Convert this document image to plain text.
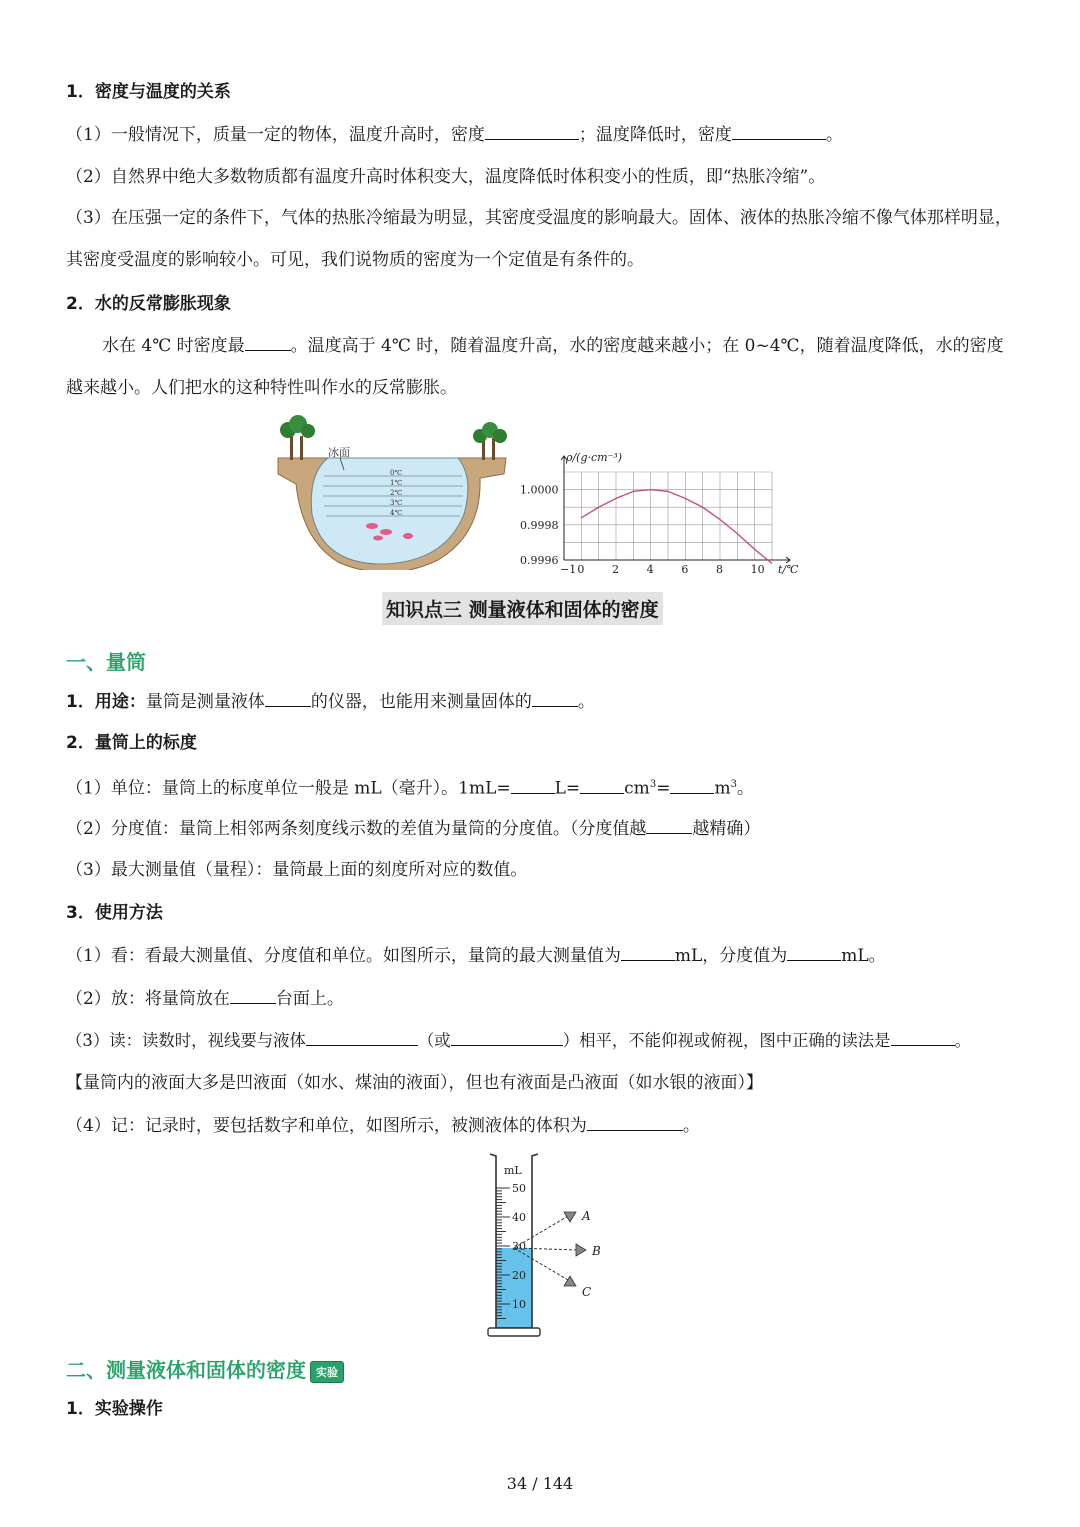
1．密度与温度的关系
（1）一般情况下，质量一定的物体，温度升高时，密度	；温度降低时，密度	。
（2）自然界中绝大多数物质都有温度升高时体积变大，温度降低时体积变小的性质，即“热胀冷缩”。
（3）在压强一定的条件下，气体的热胀冷缩最为明显，其密度受温度的影响最大。固体、液体的热胀冷缩不像气体那样明显，其密度受温度的影响较小。可见，我们说物质的密度为一个定值是有条件的。
2．水的反常膨胀现象
水在 4℃ 时密度最	。温度高于 4℃ 时，随着温度升高，水的密度越来越小；在 0~4℃，随着温度降低，水的密度越来越小。人们把水的这种特性叫作水的反常膨胀。
0℃
1℃
2℃
3℃
4℃
冰面
−1 0	2	4	6	8	10
0.9996
0.9998
1.0000
ρ/(g·cm⁻³)
t/℃
知识点三 测量液体和固体的密度
一、量筒
1．用途：量筒是测量液体	的仪器，也能用来测量固体的	。
2．量筒上的标度
（1）单位：量筒上的标度单位一般是 mL（毫升）。1mL=	L=	$cm^3=$	$m^3$。
（2）分度值：量筒上相邻两条刻度线示数的差值为量筒的分度值。（分度值越	越精确）
（3）最大测量值（量程）：量筒最上面的刻度所对应的数值。
3．使用方法
（1）看：看最大测量值、分度值和单位。如图所示，量筒的最大测量值为	mL，分度值为	mL。
（2）放：将量筒放在	台面上。
（3）读：读数时，视线要与液体	（或	）相平，不能仰视或俯视，图中正确的读法是	。
【量筒内的液面大多是凹液面（如水、煤油的液面），但也有液面是凸液面（如水银的液面）】
（4）记：记录时，要包括数字和单位，如图所示，被测液体的体积为	。
mL
50
40
30
20
10
A
B
C
二、测量液体和固体的密度 实验
1．实验操作
34 / 144
